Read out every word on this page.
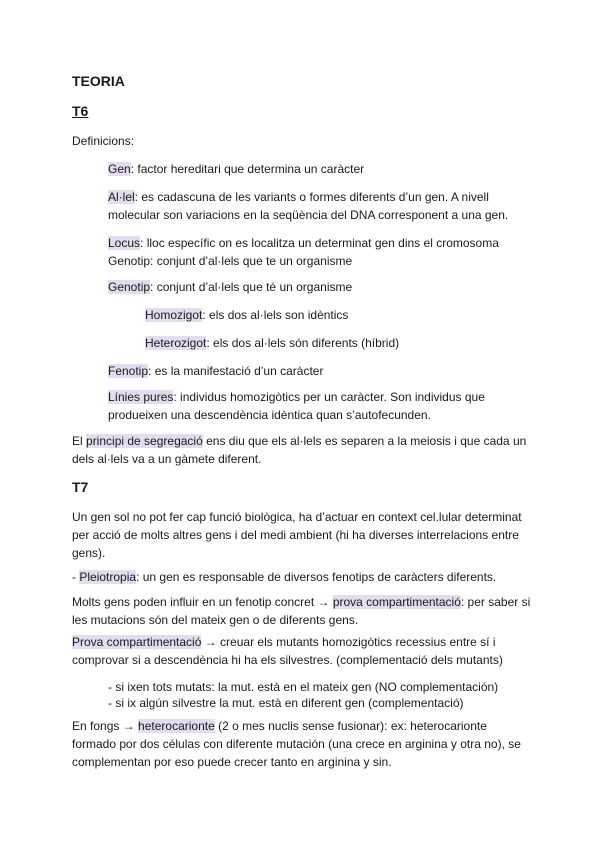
TEORIA
T6
Definicions:
Gen: factor hereditari que determina un caràcter
Al·lel: es cadascuna de les variants o formes diferents d’un gen. A nivell molecular son variacions en la seqüència del DNA corresponent a una gen.
Locus: lloc específic on es localitza un determinat gen dins el cromosoma
Genotip: conjunt d’al·lels que te un organisme
Genotip: conjunt d’al·lels que té un organisme
Homozigot: els dos al·lels son idèntics
Heterozigot: els dos al·lels són diferents (híbrid)
Fenotip: es la manifestació d’un caràcter
Línies pures: individus homozigòtics per un caràcter. Son individus que produeixen una descendència idèntica quan s’autofecunden.
El principi de segregació ens diu que els al·lels es separen a la meiosis i que cada un dels al·lels va a un gàmete diferent.
T7
Un gen sol no pot fer cap funció biològica, ha d’actuar en context cel.lular determinat per acció de molts altres gens i del medi ambient (hi ha diverses interrelacions entre gens).
- Pleiotropia: un gen es responsable de diversos fenotips de caràcters diferents.
Molts gens poden influir en un fenotip concret → prova compartimentació: per saber si les mutacions són del mateix gen o de diferents gens.
Prova compartimentació → creuar els mutants homozigòtics recessius entre sí i comprovar si a descendència hi ha els silvestres. (complementació dels mutants)
- si ixen tots mutats: la mut. està en el mateix gen (NO complementación)
- si ix algún silvestre la mut. està en diferent gen (complementació)
En fongs → heterocarionte (2 o mes nuclis sense fusionar): ex: heterocarionte formado por dos células con diferente mutación (una crece en arginina y otra no), se complementan por eso puede crecer tanto en arginina y sin.
